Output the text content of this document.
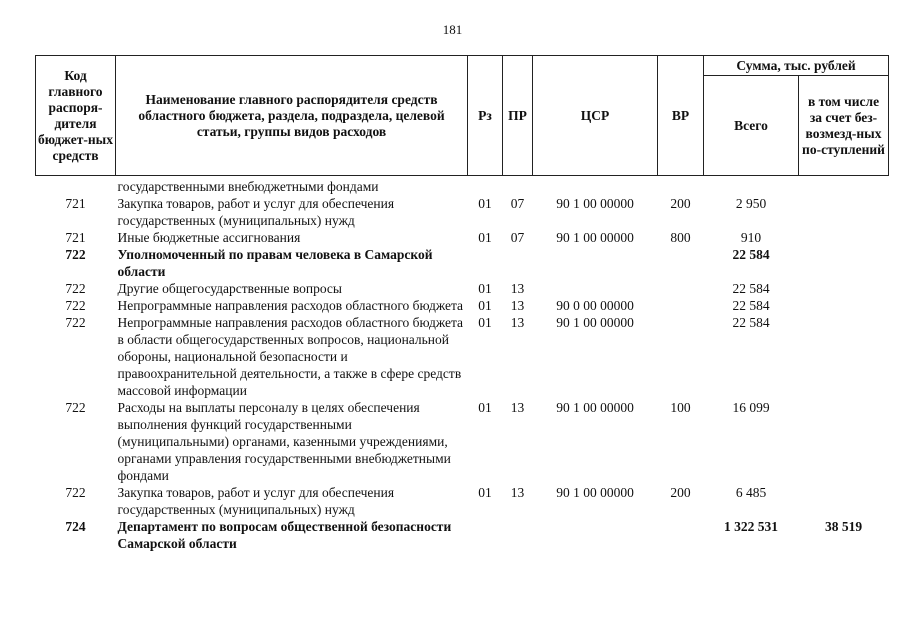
181
Код главного распоря-дителя бюджет-ных средств	Наименование главного распорядителя средств областного бюджета, раздела, подраздела, целевой статьи, группы видов расходов	Рз	ПР	ЦСР	ВР	Сумма, тыс. рублей	
						Всего	в том числе за счет без-возмезд-ных по-ступлений
	государственными внебюджетными фондами						
721	Закупка товаров, работ и услуг для обеспечения государственных (муниципальных) нужд	01	07	90 1 00 00000	200	2 950	
721	Иные бюджетные ассигнования	01	07	90 1 00 00000	800	910	
722	Уполномоченный по правам человека в Самарской области					22 584	
722	Другие общегосударственные вопросы	01	13			22 584	
722	Непрограммные направления расходов областного бюджета	01	13	90 0 00 00000		22 584	
722	Непрограммные направления расходов областного бюджета в области общегосударственных вопросов, национальной обороны, национальной безопасности и правоохранительной деятельности, а также в сфере средств массовой информации	01	13	90 1 00 00000		22 584	
722	Расходы на выплаты персоналу в целях обеспечения выполнения функций государственными (муниципальными) органами, казенными учреждениями, органами управления государственными внебюджетными фондами	01	13	90 1 00 00000	100	16 099	
722	Закупка товаров, работ и услуг для обеспечения государственных (муниципальных) нужд	01	13	90 1 00 00000	200	6 485	
724	Департамент по вопросам общественной безопасности Самарской области					1 322 531	38 519
